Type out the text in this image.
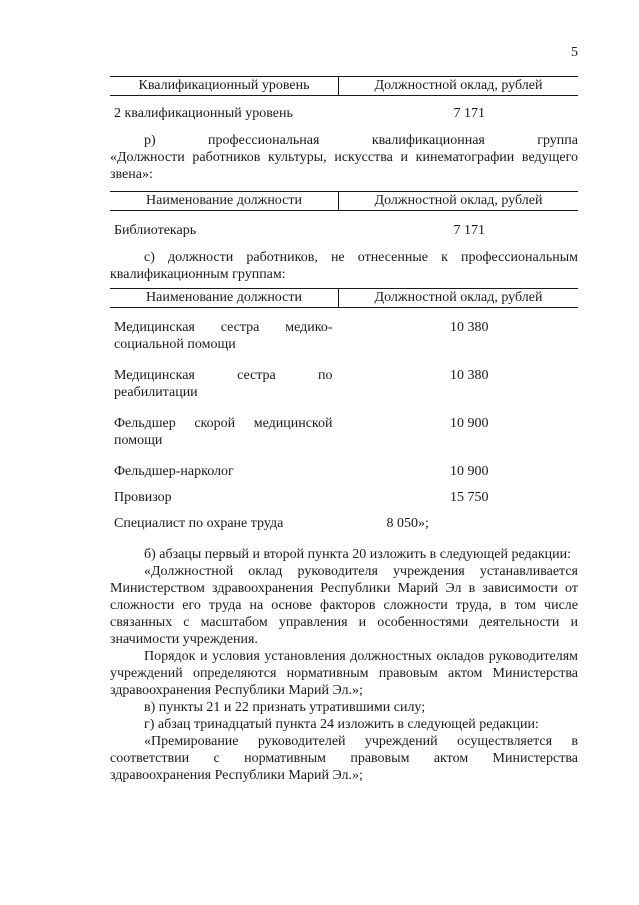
5
Квалификационный уровень	Должностной оклад, рублей
2 квалификационный уровень	7 171

р) профессиональная	квалификационная	группа

«Должности работников культуры, искусства и кинематографии ведущего звена»:

Наименование должности	Должностной оклад, рублей
Библиотекарь	7 171

с) должности работников, не отнесенные к профессиональным квалификационным группам:

Наименование должности	Должностной оклад, рублей
Медицинская сестра медико-социальной помощи	10 380
Медицинская сестра по реабилитации	10 380
Фельдшер скорой медицинской помощи	10 900
Фельдшер-нарколог	10 900
Провизор	15 750
Специалист по охране труда	8 050»;

б) абзацы первый и второй пункта 20 изложить в следующей редакции:

«Должностной оклад руководителя учреждения устанавливается Министерством здравоохранения Республики Марий Эл в зависимости от сложности его труда на основе факторов сложности труда, в том числе связанных с масштабом управления и особенностями деятельности и значимости учреждения.

Порядок и условия установления должностных окладов руководителям учреждений определяются нормативным правовым актом Министерства здравоохранения Республики Марий Эл.»;

в) пункты 21 и 22 признать утратившими силу;

г) абзац тринадцатый пункта 24 изложить в следующей редакции:

«Премирование руководителей учреждений осуществляется в соответствии с нормативным правовым актом Министерства здравоохранения Республики Марий Эл.»;
